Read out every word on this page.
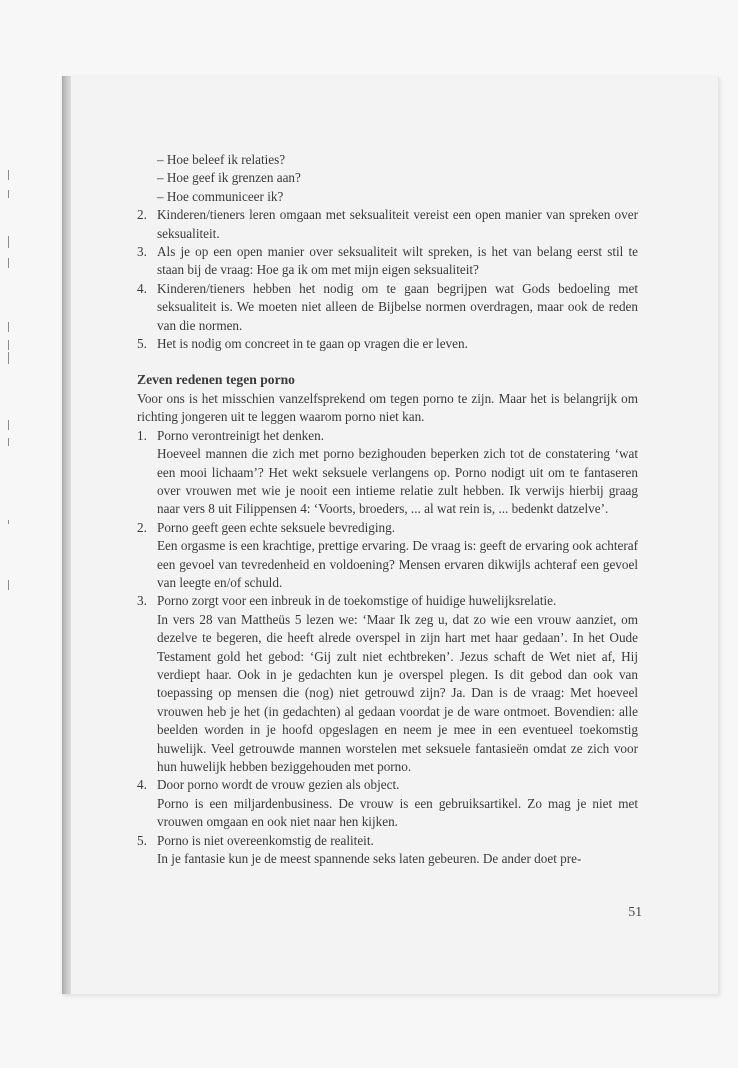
– Hoe beleef ik relaties?

– Hoe geef ik grenzen aan?

– Hoe communiceer ik?

2. Kinderen/tieners leren omgaan met seksualiteit vereist een open manier van spreken over seksualiteit.
3. Als je op een open manier over seksualiteit wilt spreken, is het van belang eerst stil te staan bij de vraag: Hoe ga ik om met mijn eigen seksualiteit?
4. Kinderen/tieners hebben het nodig om te gaan begrijpen wat Gods bedoeling met seksualiteit is. We moeten niet alleen de Bijbelse normen overdragen, maar ook de reden van die normen.
5. Het is nodig om concreet in te gaan op vragen die er leven.

Zeven redenen tegen porno

Voor ons is het misschien vanzelfsprekend om tegen porno te zijn. Maar het is belangrijk om richting jongeren uit te leggen waarom porno niet kan.

1. Porno verontreinigt het denken.

Hoeveel mannen die zich met porno bezighouden beperken zich tot de constatering ‘wat een mooi lichaam’? Het wekt seksuele verlangens op. Porno nodigt uit om te fantaseren over vrouwen met wie je nooit een intieme relatie zult hebben. Ik verwijs hierbij graag naar vers 8 uit Filippensen 4: ‘Voorts, broeders, ... al wat rein is, ... bedenkt datzelve’.

2. Porno geeft geen echte seksuele bevrediging.

Een orgasme is een krachtige, prettige ervaring. De vraag is: geeft de ervaring ook achteraf een gevoel van tevredenheid en voldoening? Mensen ervaren dikwijls achteraf een gevoel van leegte en/of schuld.

3. Porno zorgt voor een inbreuk in de toekomstige of huidige huwelijksrelatie.

In vers 28 van Mattheüs 5 lezen we: ‘Maar Ik zeg u, dat zo wie een vrouw aanziet, om dezelve te begeren, die heeft alrede overspel in zijn hart met haar gedaan’. In het Oude Testament gold het gebod: ‘Gij zult niet echtbreken’. Jezus schaft de Wet niet af, Hij verdiept haar. Ook in je gedachten kun je overspel plegen. Is dit gebod dan ook van toepassing op mensen die (nog) niet getrouwd zijn? Ja. Dan is de vraag: Met hoeveel vrouwen heb je het (in gedachten) al gedaan voordat je de ware ontmoet. Bovendien: alle beelden worden in je hoofd opgeslagen en neem je mee in een eventueel toekomstig huwelijk. Veel getrouwde mannen worstelen met seksuele fantasieën omdat ze zich voor hun huwelijk hebben beziggehouden met porno.

4. Door porno wordt de vrouw gezien als object.

Porno is een miljardenbusiness. De vrouw is een gebruiksartikel. Zo mag je niet met vrouwen omgaan en ook niet naar hen kijken.

5. Porno is niet overeenkomstig de realiteit.

In je fantasie kun je de meest spannende seks laten gebeuren. De ander doet pre-

51
